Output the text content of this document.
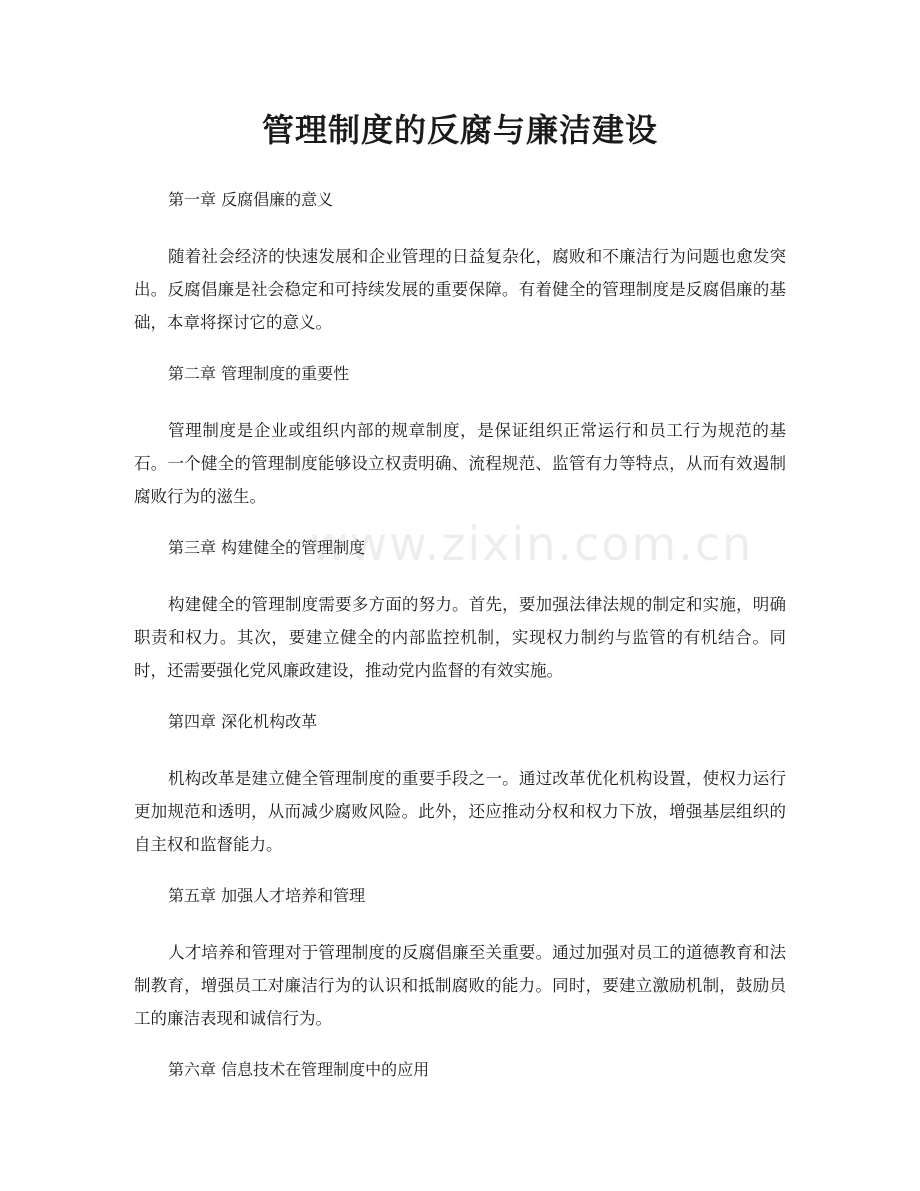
管理制度的反腐与廉洁建设
www.zixin.com.cn
第一章 反腐倡廉的意义
随着社会经济的快速发展和企业管理的日益复杂化，腐败和不廉洁行为问题也愈发突出。反腐倡廉是社会稳定和可持续发展的重要保障。有着健全的管理制度是反腐倡廉的基础，本章将探讨它的意义。
第二章 管理制度的重要性
管理制度是企业或组织内部的规章制度，是保证组织正常运行和员工行为规范的基石。一个健全的管理制度能够设立权责明确、流程规范、监管有力等特点，从而有效遏制腐败行为的滋生。
第三章 构建健全的管理制度
构建健全的管理制度需要多方面的努力。首先，要加强法律法规的制定和实施，明确职责和权力。其次，要建立健全的内部监控机制，实现权力制约与监管的有机结合。同时，还需要强化党风廉政建设，推动党内监督的有效实施。
第四章 深化机构改革
机构改革是建立健全管理制度的重要手段之一。通过改革优化机构设置，使权力运行更加规范和透明，从而减少腐败风险。此外，还应推动分权和权力下放，增强基层组织的自主权和监督能力。
第五章 加强人才培养和管理
人才培养和管理对于管理制度的反腐倡廉至关重要。通过加强对员工的道德教育和法制教育，增强员工对廉洁行为的认识和抵制腐败的能力。同时，要建立激励机制，鼓励员工的廉洁表现和诚信行为。
第六章 信息技术在管理制度中的应用
